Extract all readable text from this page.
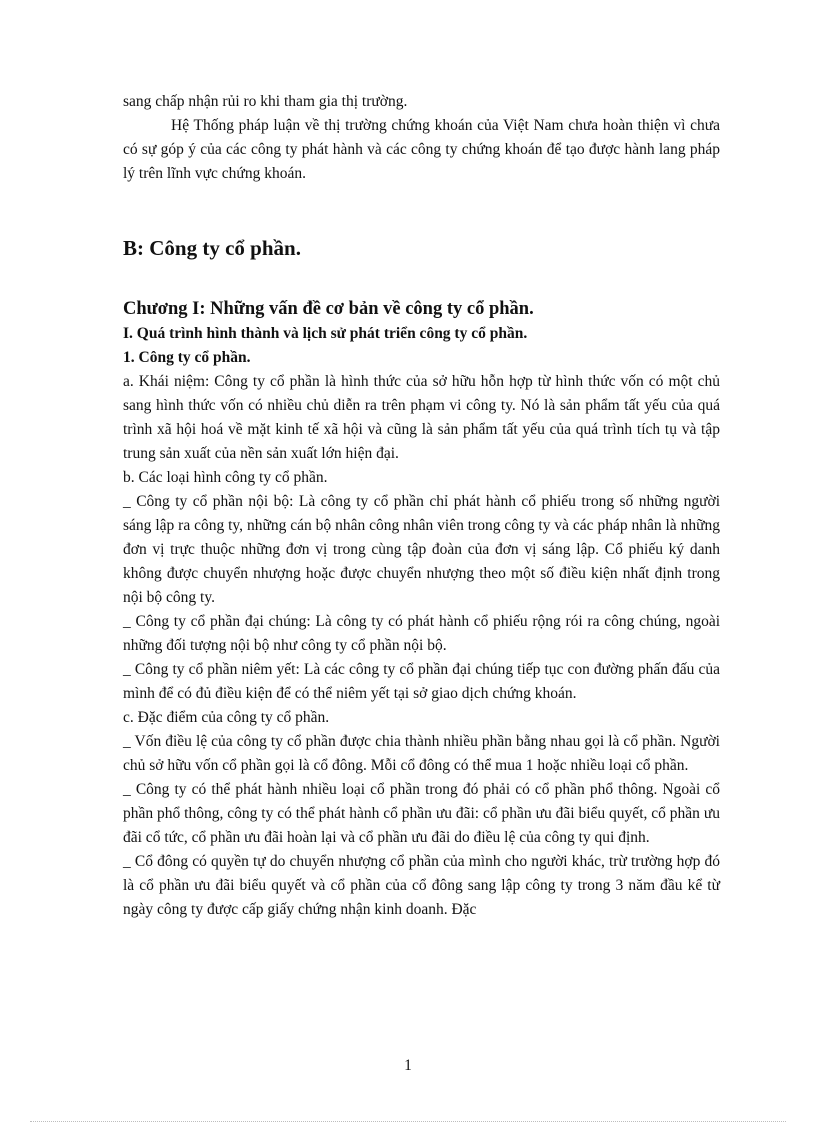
sang chấp nhận rủi ro khi tham gia thị trường.

Hệ Thống pháp luận về thị trường chứng khoán của Việt Nam chưa hoàn thiện vì chưa có sự góp ý của các công ty phát hành và các công ty chứng khoán để tạo được hành lang pháp lý trên lĩnh vực chứng khoán.

B: Công ty cổ phần.
Chương I: Những vấn đề cơ bản về công ty cổ phần.
I. Quá trình hình thành và lịch sử phát triển công ty cổ phần.
1. Công ty cổ phần.

a. Khái niệm: Công ty cổ phần là hình thức của sở hữu hỗn hợp từ hình thức vốn có một chủ sang hình thức vốn có nhiều chủ diễn ra trên phạm vi công ty. Nó là sản phẩm tất yếu của quá trình xã hội hoá về mặt kinh tế xã hội và cũng là sản phẩm tất yếu của quá trình tích tụ và tập trung sản xuất của nền sản xuất lớn hiện đại.

b. Các loại hình công ty cổ phần.

_ Công ty cổ phần nội bộ: Là công ty cổ phần chỉ phát hành cổ phiếu trong số những người sáng lập ra công ty, những cán bộ nhân công nhân viên trong công ty và các pháp nhân là những đơn vị trực thuộc những đơn vị trong cùng tập đoàn của đơn vị sáng lập. Cổ phiếu ký danh không được chuyển nhượng hoặc được chuyển nhượng theo một số điều kiện nhất định trong nội bộ công ty.

_ Công ty cổ phần đại chúng: Là công ty có phát hành cổ phiếu rộng rói ra công chúng, ngoài những đối tượng nội bộ như công ty cổ phần nội bộ.

_ Công ty cổ phần niêm yết: Là các công ty cổ phần đại chúng tiếp tục con đường phấn đấu của mình để có đủ điều kiện để có thể niêm yết tại sở giao dịch chứng khoán.

c. Đặc điểm của công ty cổ phần.

_ Vốn điều lệ của công ty cổ phần được chia thành nhiều phần bằng nhau gọi là cổ phần. Người chủ sở hữu vốn cổ phần gọi là cổ đông. Mỗi cổ đông có thể mua 1 hoặc nhiều loại cổ phần.

_ Công ty có thể phát hành nhiều loại cổ phần trong đó phải có cổ phần phổ thông. Ngoài cổ phần phổ thông, công ty có thể phát hành cổ phần ưu đãi: cổ phần ưu đãi biểu quyết, cổ phần ưu đãi cổ tức, cổ phần ưu đãi hoàn lại và cổ phần ưu đãi do điều lệ của công ty qui định.

_ Cổ đông có quyền tự do chuyển nhượng cổ phần của mình cho người khác, trừ trường hợp đó là cổ phần ưu đãi biểu quyết và cổ phần của cổ đông sang lập công ty trong 3 năm đầu kể từ ngày công ty được cấp giấy chứng nhận kinh doanh. Đặc

1
